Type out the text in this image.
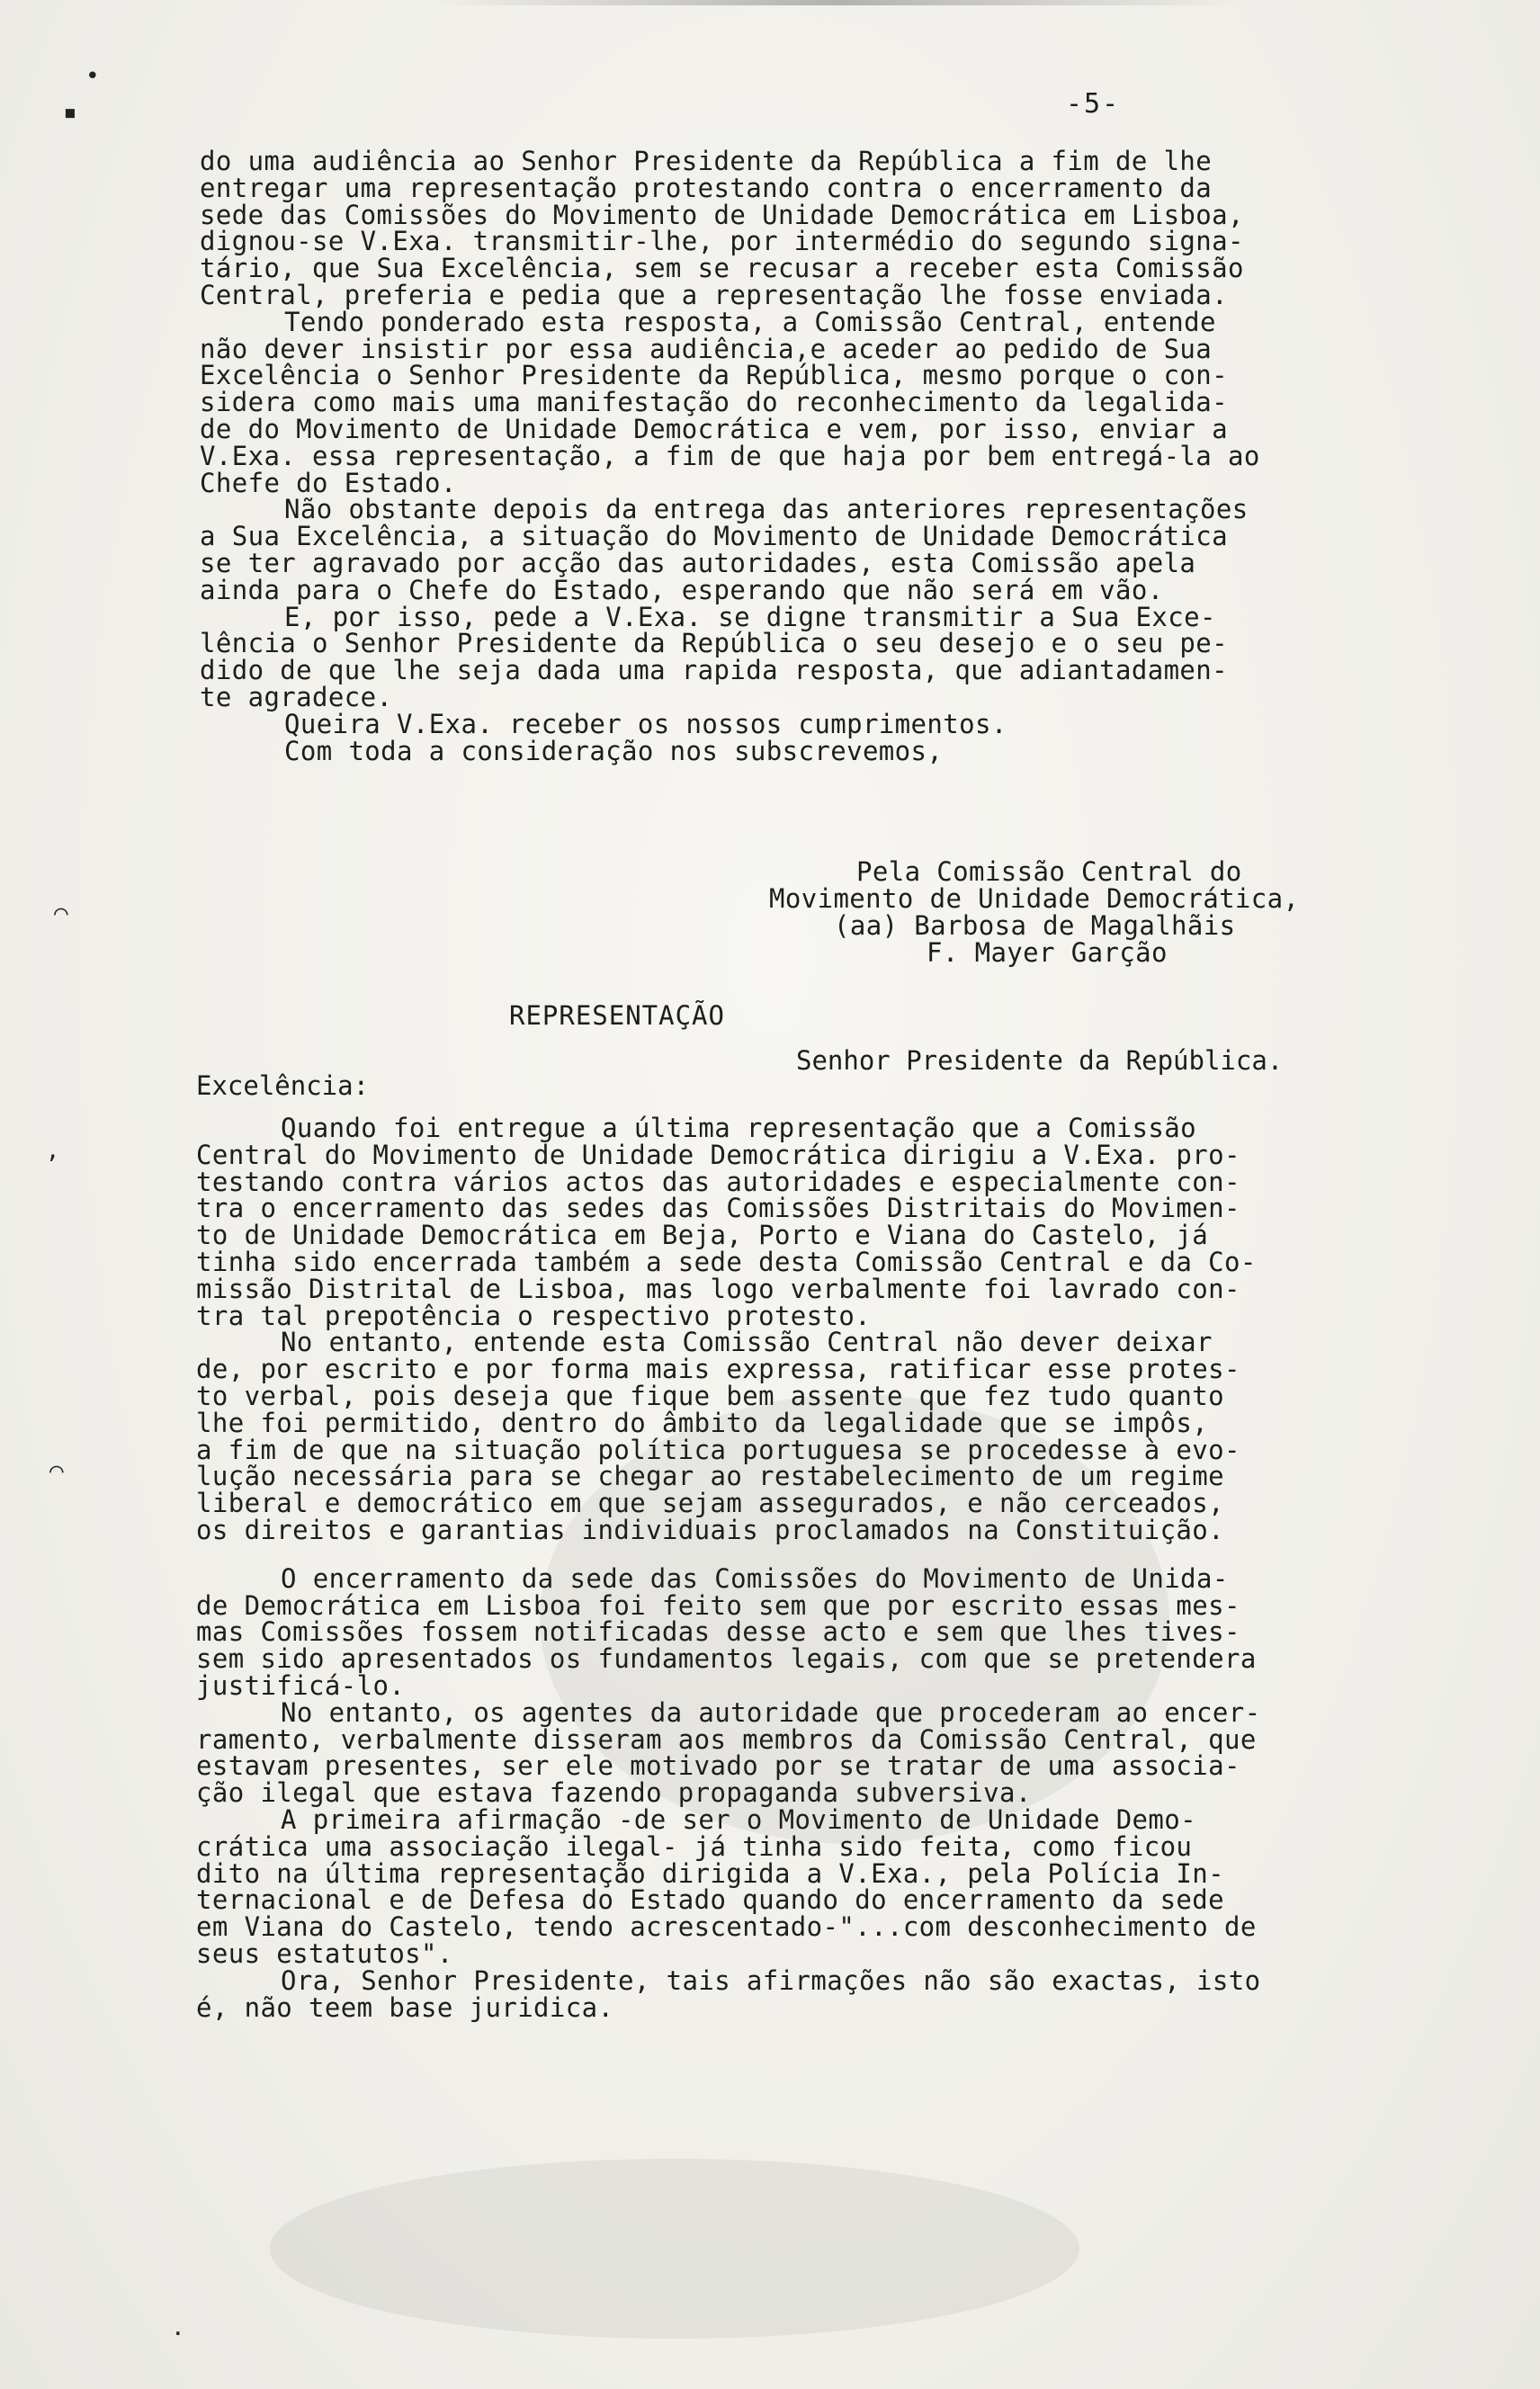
•
▪	-5-

do uma audiência ao Senhor Presidente da República a fim de lhe

entregar uma representação protestando contra o encerramento da

sede das Comissões do Movimento de Unidade Democrática em Lisboa,

dignou-se V.Exa. transmitir-lhe, por intermédio do segundo signa-

tário, que Sua Excelência, sem se recusar a receber esta Comissão

Central, preferia e pedia que a representação lhe fosse enviada.

Tendo ponderado esta resposta, a Comissão Central, entende

não dever insistir por essa audiência,e aceder ao pedido de Sua

Excelência o Senhor Presidente da República, mesmo porque o con-

sidera como mais uma manifestação do reconhecimento da legalida-

de do Movimento de Unidade Democrática e vem, por isso, enviar a

V.Exa. essa representação, a fim de que haja por bem entregá-la ao

Chefe do Estado.

Não obstante depois da entrega das anteriores representações

a Sua Excelência, a situação do Movimento de Unidade Democrática

se ter agravado por acção das autoridades, esta Comissão apela

ainda para o Chefe do Estado, esperando que não será em vão.

E, por isso, pede a V.Exa. se digne transmitir a Sua Exce-

lência o Senhor Presidente da República o seu desejo e o seu pe-

dido de que lhe seja dada uma rapida resposta, que adiantadamen-

te agradece.

Queira V.Exa. receber os nossos cumprimentos.

Com toda a consideração nos subscrevemos,

Pela Comissão Central do
Movimento de Unidade Democrática,
(aa) Barbosa de Magalhãis
F. Mayer Garção
REPRESENTAÇÃO
Senhor Presidente da República.
Excelência:

Quando foi entregue a última representação que a Comissão

Central do Movimento de Unidade Democrática dirigiu a V.Exa. pro-

testando contra vários actos das autoridades e especialmente con-

tra o encerramento das sedes das Comissões Distritais do Movimen-

to de Unidade Democrática em Beja, Porto e Viana do Castelo, já

tinha sido encerrada também a sede desta Comissão Central e da Co-

missão Distrital de Lisboa, mas logo verbalmente foi lavrado con-

tra tal prepotência o respectivo protesto.

No entanto, entende esta Comissão Central não dever deixar

de, por escrito e por forma mais expressa, ratificar esse protes-

to verbal, pois deseja que fique bem assente que fez tudo quanto

lhe foi permitido, dentro do âmbito da legalidade que se impôs,

a fim de que na situação política portuguesa se procedesse à evo-

lução necessária para se chegar ao restabelecimento de um regime

liberal e democrático em que sejam assegurados, e não cerceados,

os direitos e garantias individuais proclamados na Constituição.

O encerramento da sede das Comissões do Movimento de Unida-

de Democrática em Lisboa foi feito sem que por escrito essas mes-

mas Comissões fossem notificadas desse acto e sem que lhes tives-

sem sido apresentados os fundamentos legais, com que se pretendera

justificá-lo.

No entanto, os agentes da autoridade que procederam ao encer-

ramento, verbalmente disseram aos membros da Comissão Central, que

estavam presentes, ser ele motivado por se tratar de uma associa-

ção ilegal que estava fazendo propaganda subversiva.

A primeira afirmação -de ser o Movimento de Unidade Demo-

crática uma associação ilegal- já tinha sido feita, como ficou

dito na última representação dirigida a V.Exa., pela Polícia In-

ternacional e de Defesa do Estado quando do encerramento da sede

em Viana do Castelo, tendo acrescentado-"...com desconhecimento de

seus estatutos".

Ora, Senhor Presidente, tais afirmações não são exactas, isto

é, não teem base juridica.

⌒
ʼ
⌒
·
